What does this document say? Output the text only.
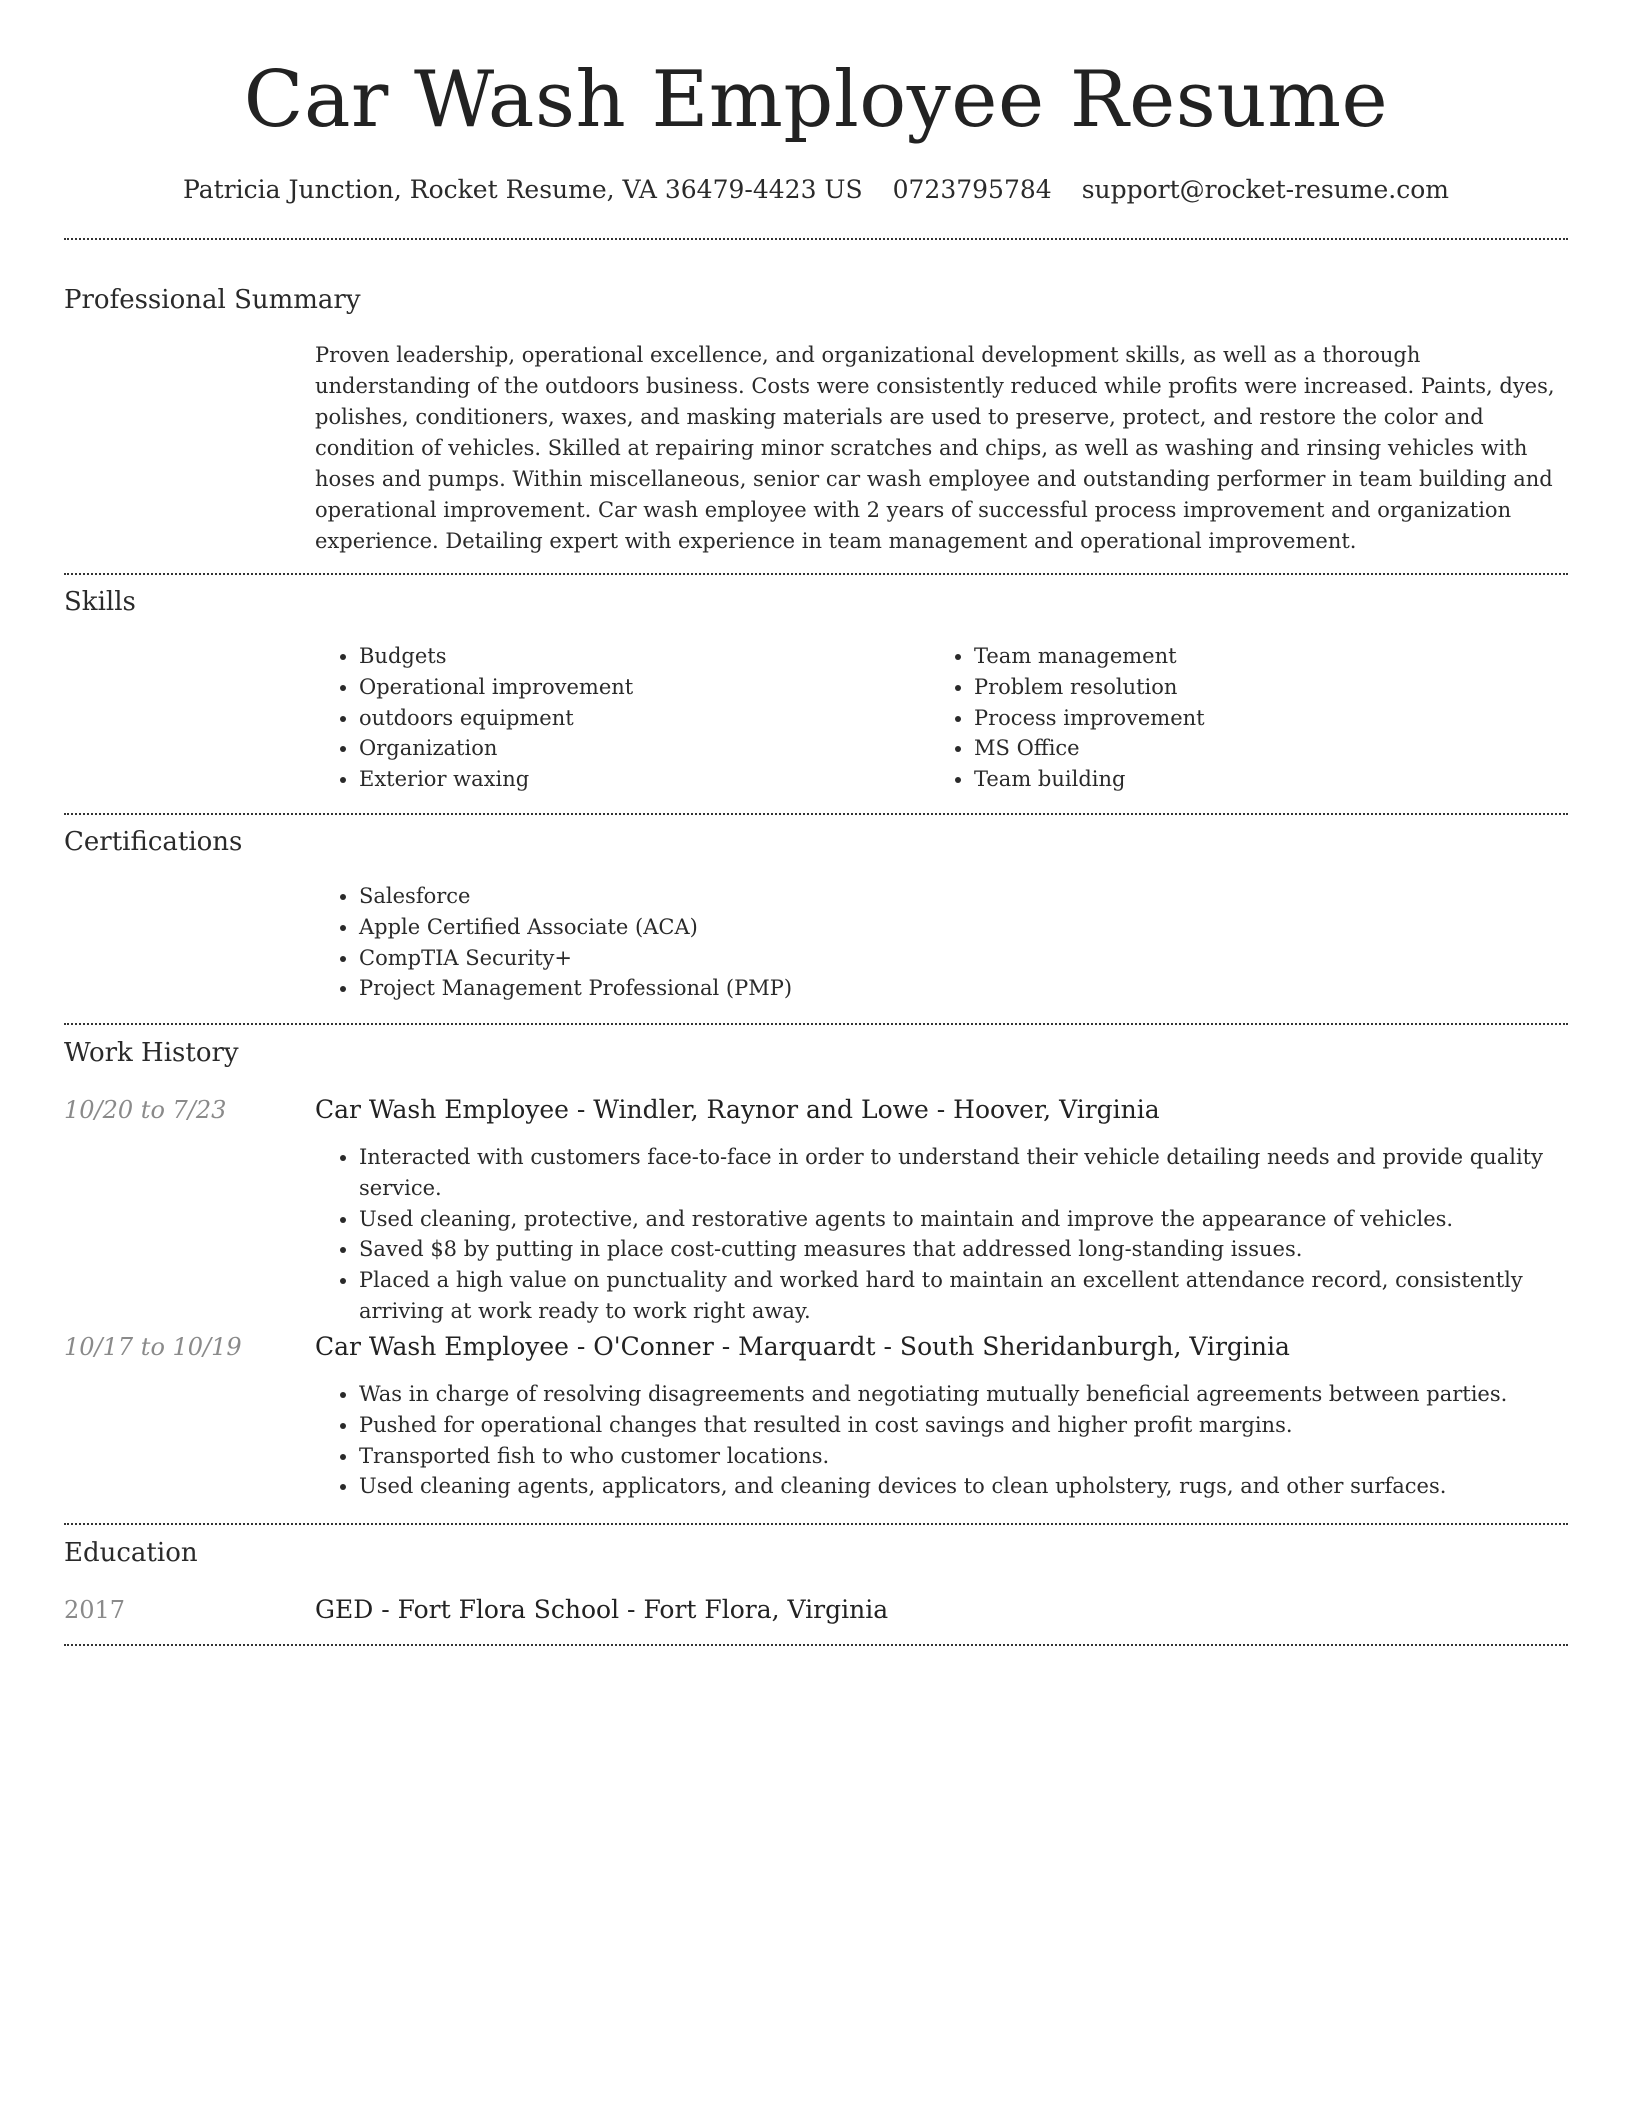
Car Wash Employee Resume
Patricia Junction, Rocket Resume, VA 36479-4423 US 0723795784 support@rocket-resume.com
Professional Summary

Proven leadership, operational excellence, and organizational development skills, as well as a thorough understanding of the outdoors business. Costs were consistently reduced while profits were increased. Paints, dyes, polishes, conditioners, waxes, and masking materials are used to preserve, protect, and restore the color and condition of vehicles. Skilled at repairing minor scratches and chips, as well as washing and rinsing vehicles with hoses and pumps. Within miscellaneous, senior car wash employee and outstanding performer in team building and operational improvement. Car wash employee with 2 years of successful process improvement and organization experience. Detailing expert with experience in team management and operational improvement.

Skills
• Budgets
• Operational improvement
• outdoors equipment
• Organization
• Exterior waxing
• Team management
• Problem resolution
• Process improvement
• MS Office
• Team building
Certifications
• Salesforce
• Apple Certified Associate (ACA)
• CompTIA Security+
• Project Management Professional (PMP)
Work History
10/20 to 7/23	Car Wash Employee - Windler, Raynor and Lowe - Hoover, Virginia

• Interacted with customers face-to-face in order to understand their vehicle detailing needs and provide quality service.
• Used cleaning, protective, and restorative agents to maintain and improve the appearance of vehicles.
• Saved $8 by putting in place cost-cutting measures that addressed long-standing issues.
• Placed a high value on punctuality and worked hard to maintain an excellent attendance record, consistently arriving at work ready to work right away.
10/17 to 10/19	Car Wash Employee - O'Conner - Marquardt - South Sheridanburgh, Virginia

• Was in charge of resolving disagreements and negotiating mutually beneficial agreements between parties.
• Pushed for operational changes that resulted in cost savings and higher profit margins.
• Transported fish to who customer locations.
• Used cleaning agents, applicators, and cleaning devices to clean upholstery, rugs, and other surfaces.
Education
2017	GED - Fort Flora School - Fort Flora, Virginia
